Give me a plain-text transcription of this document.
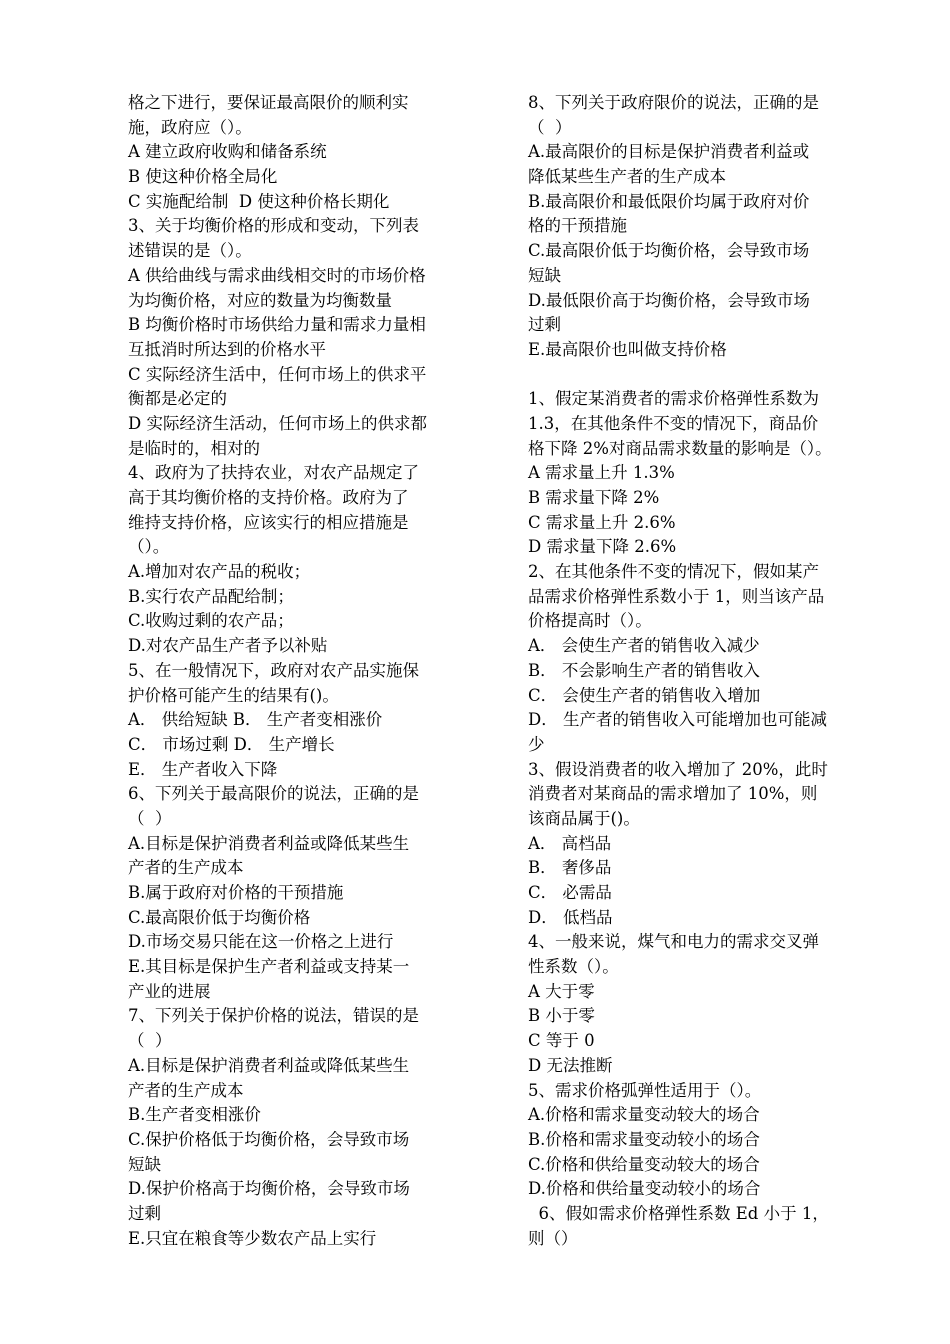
格之下进行，要保证最高限价的顺利实
施，政府应（）。
A 建立政府收购和储备系统
B 使这种价格全局化
C 实施配给制  D 使这种价格长期化
3、关于均衡价格的形成和变动，下列表
述错误的是（）。
A 供给曲线与需求曲线相交时的市场价格
为均衡价格，对应的数量为均衡数量
B 均衡价格时市场供给力量和需求力量相
互抵消时所达到的价格水平
C 实际经济生活中，任何市场上的供求平
衡都是必定的
D 实际经济生活动，任何市场上的供求都
是临时的，相对的
4、政府为了扶持农业，对农产品规定了
高于其均衡价格的支持价格。政府为了
维持支持价格，应该实行的相应措施是
（）。
A.增加对农产品的税收；
B.实行农产品配给制；
C.收购过剩的农产品；
D.对农产品生产者予以补贴
5、在一般情况下，政府对农产品实施保
护价格可能产生的结果有()。
A． 供给短缺 B． 生产者变相涨价
C． 市场过剩 D． 生产增长
E． 生产者收入下降
6、下列关于最高限价的说法，正确的是
（  ）
A.目标是保护消费者利益或降低某些生
产者的生产成本
B.属于政府对价格的干预措施
C.最高限价低于均衡价格
D.市场交易只能在这一价格之上进行
E.其目标是保护生产者利益或支持某一
产业的进展
7、下列关于保护价格的说法，错误的是
（  ）
A.目标是保护消费者利益或降低某些生
产者的生产成本
B.生产者变相涨价
C.保护价格低于均衡价格，会导致市场
短缺
D.保护价格高于均衡价格，会导致市场
过剩
E.只宜在粮食等少数农产品上实行
8、下列关于政府限价的说法，正确的是
（  ）
A.最高限价的目标是保护消费者利益或
降低某些生产者的生产成本
B.最高限价和最低限价均属于政府对价
格的干预措施
C.最高限价低于均衡价格，会导致市场
短缺
D.最低限价高于均衡价格，会导致市场
过剩
E.最高限价也叫做支持价格
1、假定某消费者的需求价格弹性系数为
1.3，在其他条件不变的情况下，商品价
格下降 2%对商品需求数量的影响是（）。
A 需求量上升 1.3%
B 需求量下降 2%
C 需求量上升 2.6%
D 需求量下降 2.6%
2、在其他条件不变的情况下，假如某产
品需求价格弹性系数小于 1，则当该产品
价格提高时（）。
A． 会使生产者的销售收入减少
B． 不会影响生产者的销售收入
C． 会使生产者的销售收入增加
D． 生产者的销售收入可能增加也可能减
少
3、假设消费者的收入增加了 20%，此时
消费者对某商品的需求增加了 10%，则
该商品属于()。
A． 高档品
B． 奢侈品
C． 必需品
D． 低档品
4、一般来说，煤气和电力的需求交叉弹
性系数（）。
A 大于零
B 小于零
C 等于 0
D 无法推断
5、需求价格弧弹性适用于（）。
A.价格和需求量变动较大的场合
B.价格和需求量变动较小的场合
C.价格和供给量变动较大的场合
D.价格和供给量变动较小的场合
6、假如需求价格弹性系数 Ed 小于 1，
则（）
